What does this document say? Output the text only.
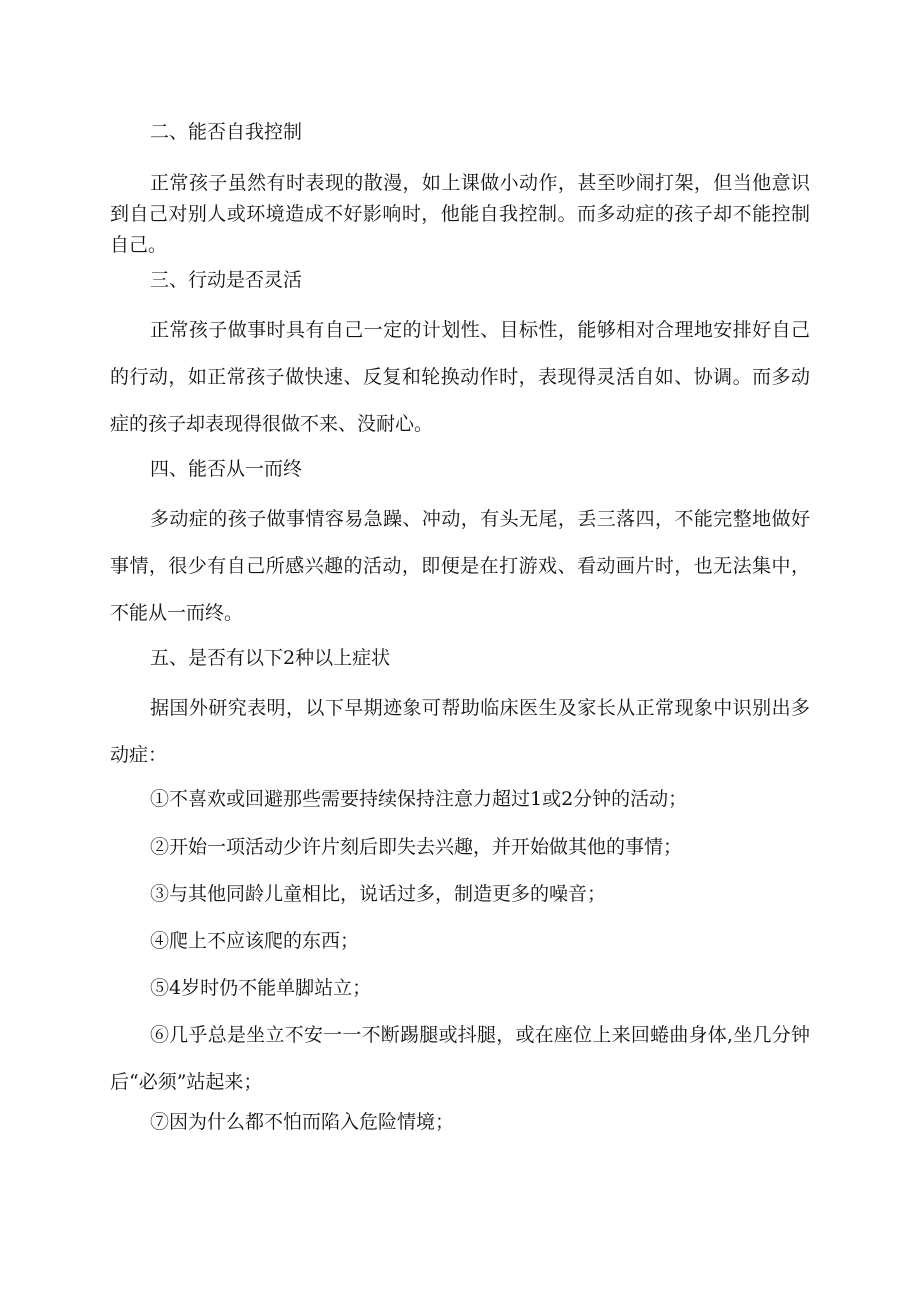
二、能否自我控制

正常孩子虽然有时表现的散漫，如上课做小动作，甚至吵闹打架，但当他意识到自己对别人或环境造成不好影响时，他能自我控制。而多动症的孩子却不能控制自己。

三、行动是否灵活

正常孩子做事时具有自己一定的计划性、目标性，能够相对合理地安排好自己的行动，如正常孩子做快速、反复和轮换动作时，表现得灵活自如、协调。而多动症的孩子却表现得很做不来、没耐心。

四、能否从一而终

多动症的孩子做事情容易急躁、冲动，有头无尾，丢三落四，不能完整地做好事情，很少有自己所感兴趣的活动，即便是在打游戏、看动画片时，也无法集中，不能从一而终。

五、是否有以下2种以上症状

据国外研究表明，以下早期迹象可帮助临床医生及家长从正常现象中识别出多动症：

①不喜欢或回避那些需要持续保持注意力超过1或2分钟的活动；

②开始一项活动少许片刻后即失去兴趣，并开始做其他的事情；

③与其他同龄儿童相比，说话过多，制造更多的噪音；

④爬上不应该爬的东西；

⑤4岁时仍不能单脚站立；

⑥几乎总是坐立不安一一不断踢腿或抖腿，或在座位上来回蜷曲身体,坐几分钟后“必须”站起来；

⑦因为什么都不怕而陷入危险情境；
